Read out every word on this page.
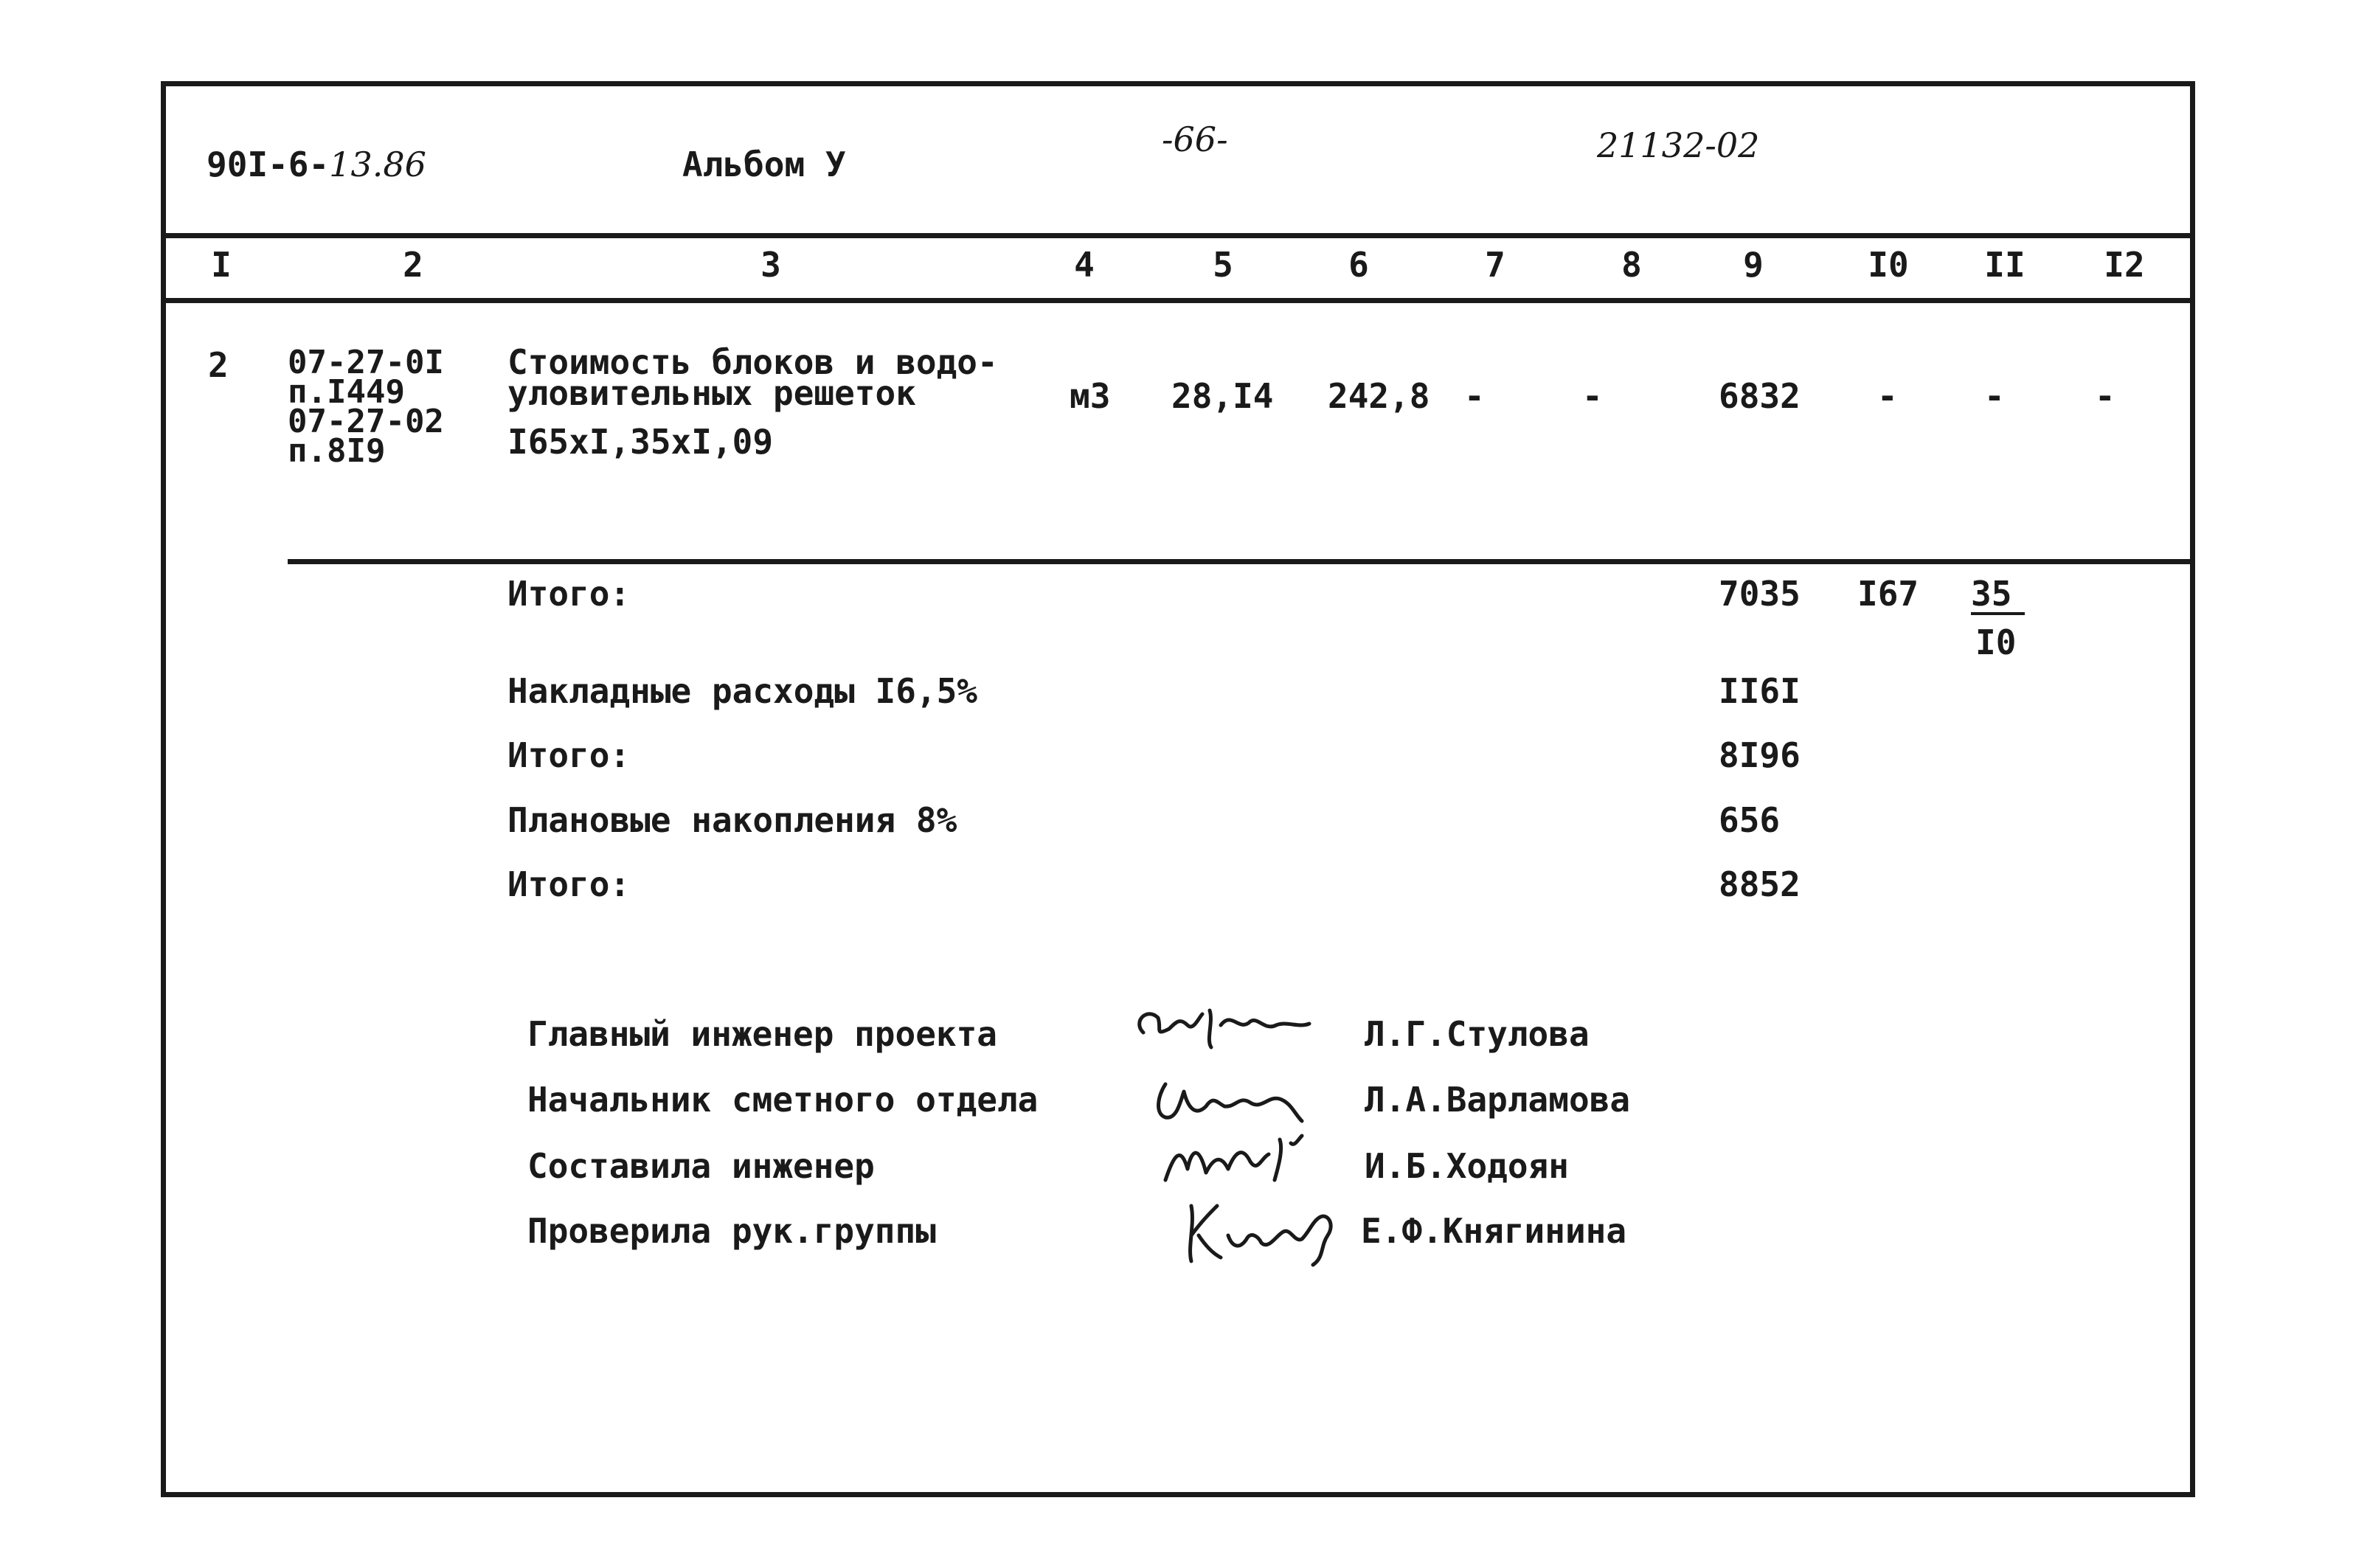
90I-6-13.86	Альбом У
-66-	21132-02
I	2	3	4	5	6	7	8	9	I0	II	I2
2 07-27-0I
п.I449
07-27-02
п.8I9
Стоимость блоков и водо-
уловительных решеток
I65хI,35хI,09
м3 28,I4 242,8 -	-	6832 -	-	-
Итого:	7035 I67 35
I0
Накладные расходы I6,5%	II6I
Итого:	8I96
Плановые накопления 8%	656
Итого:	8852
Главный инженер проекта	Л.Г.Стулова
Начальник сметного отдела	Л.А.Варламова
Составила инженер	И.Б.Ходоян
Проверила рук.группы	Е.Ф.Княгинина
